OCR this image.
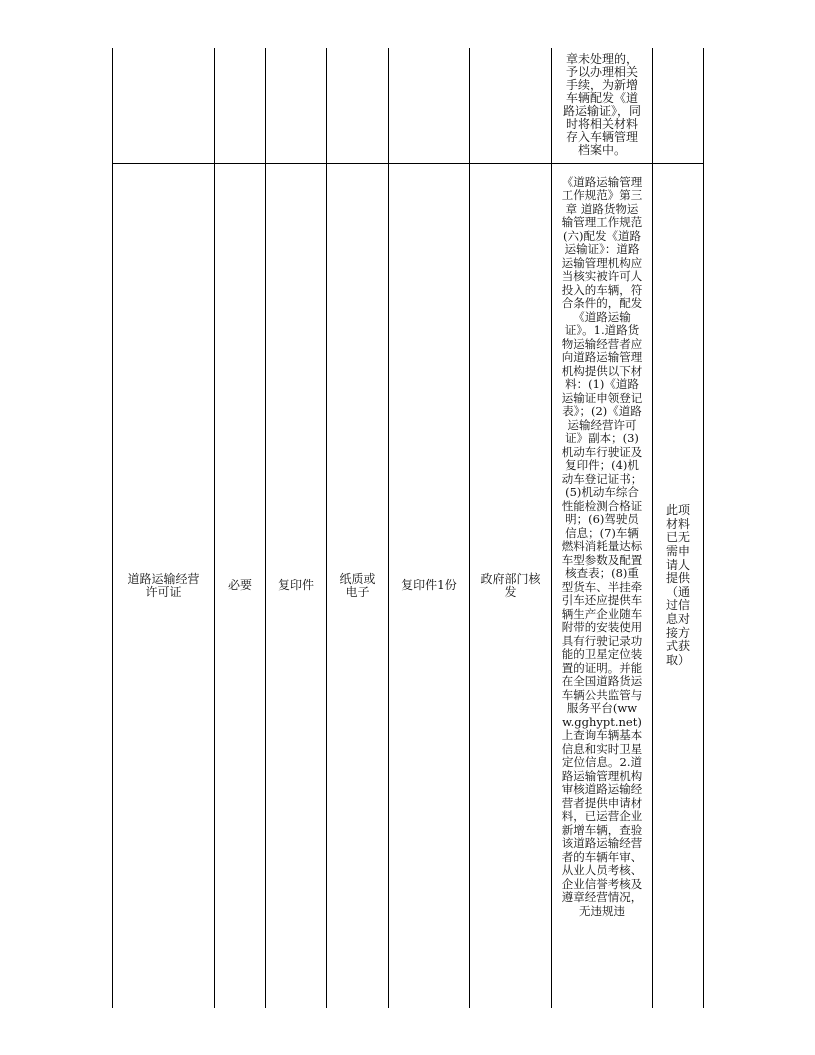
						章未处理的，予以办理相关手续，为新增车辆配发《道路运输证》，同时将相关材料存入车辆管理档案中。	

道路运输经营许可证	必要	复印件	纸质或电子	复印件1份	政府部门核发	《道路运输管理工作规范》第三章 道路货物运输管理工作规范 (六)配发《道路运输证》：道路运输管理机构应当核实被许可人投入的车辆，符合条件的，配发《道路运输证》。1.道路货物运输经营者应向道路运输管理机构提供以下材料：(1)《道路运输证申领登记表》；(2)《道路运输经营许可证》副本；(3)机动车行驶证及复印件；(4)机动车登记证书；(5)机动车综合性能检测合格证明；(6)驾驶员信息；(7)车辆燃料消耗量达标车型参数及配置核查表；(8)重型货车、半挂牵引车还应提供车辆生产企业随车附带的安装使用具有行驶记录功能的卫星定位装置的证明。并能在全国道路货运车辆公共监管与服务平台(www.gghypt.net)上查询车辆基本信息和实时卫星定位信息。2.道路运输管理机构审核道路运输经营者提供申请材料，已运营企业新增车辆，查验该道路运输经营者的车辆年审、从业人员考核、企业信誉考核及遵章经营情况，无违规违	此项材料已无需申请人提供（通过信息对接方式获取）
